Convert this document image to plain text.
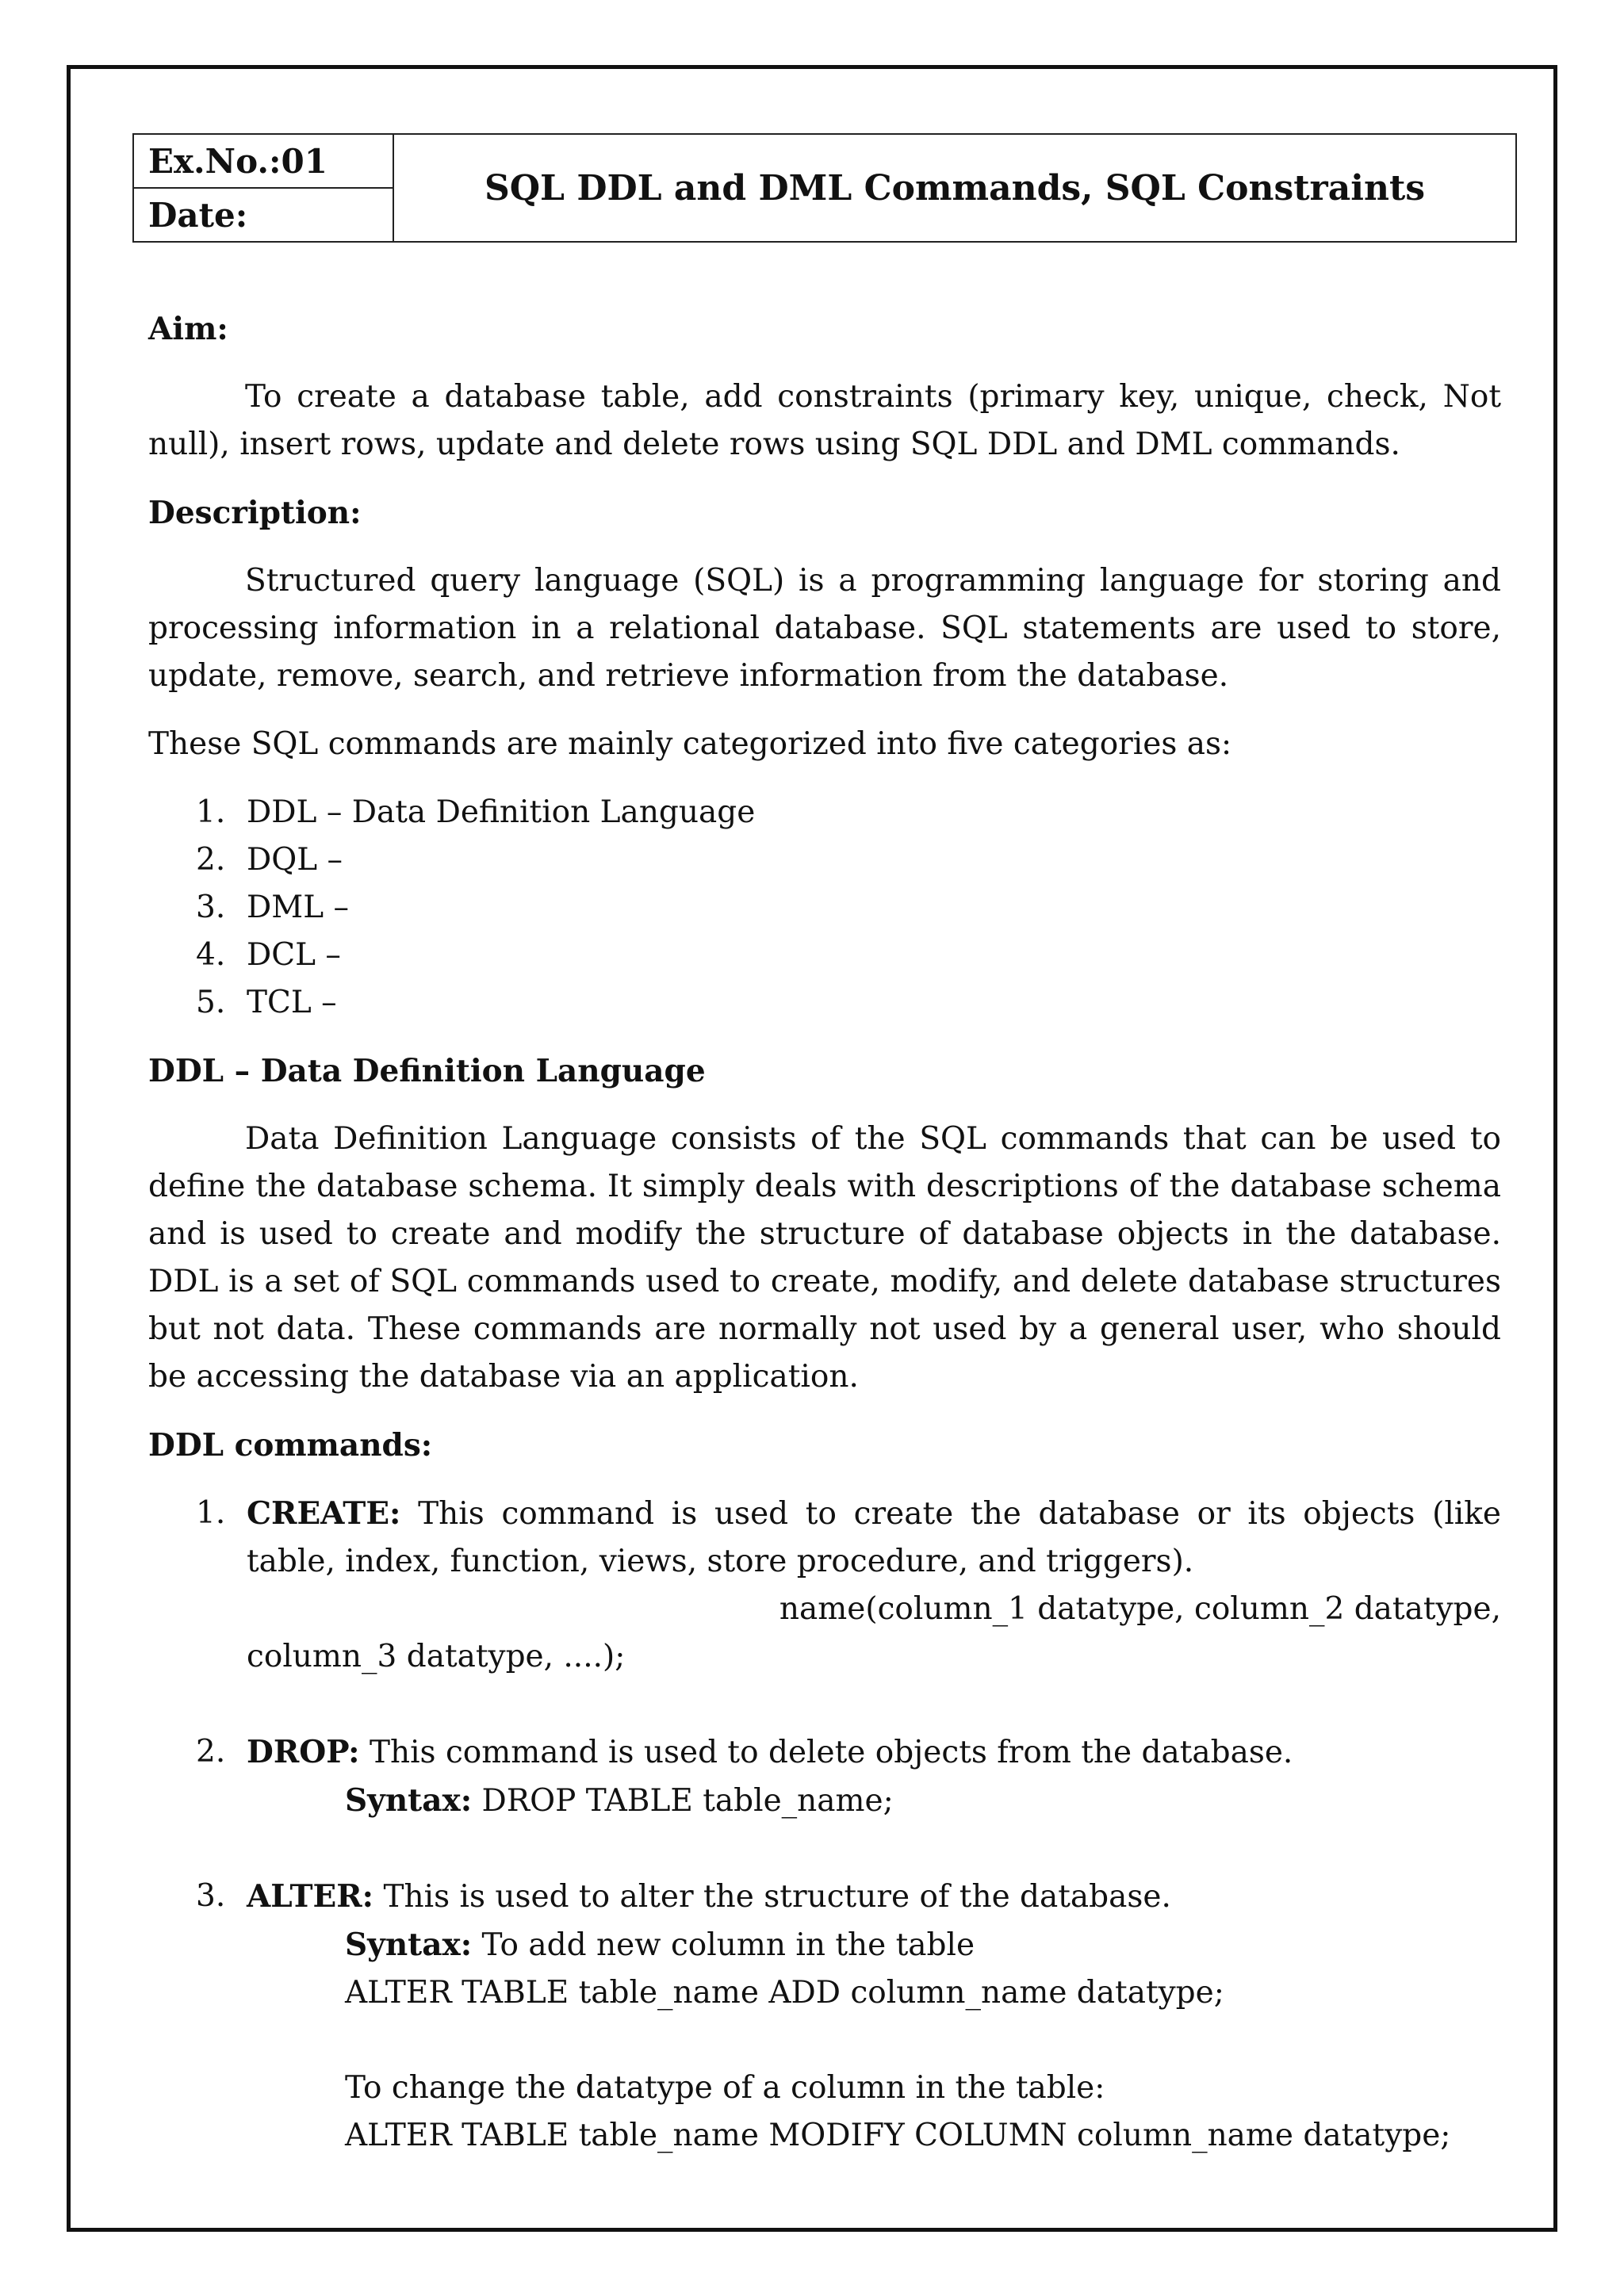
Ex.No.:01
Date:
SQL DDL and DML Commands, SQL Constraints

Aim:

To create a database table, add constraints (primary key, unique, check, Not null), insert rows, update and delete rows using SQL DDL and DML commands.

Description:

Structured query language (SQL) is a programming language for storing and processing information in a relational database. SQL statements are used to store, update, remove, search, and retrieve information from the database.

These SQL commands are mainly categorized into five categories as:

1. DDL – Data Definition Language
2. DQL –
3. DML –
4. DCL –
5. TCL –

DDL – Data Definition Language

Data Definition Language consists of the SQL commands that can be used to define the database schema. It simply deals with descriptions of the database schema and is used to create and modify the structure of database objects in the database. DDL is a set of SQL commands used to create, modify, and delete database structures but not data. These commands are normally not used by a general user, who should be accessing the database via an application.

DDL commands:

1. CREATE: This command is used to create the database or its objects (like table, index, function, views, store procedure, and triggers).
name(column_1 datatype, column_2 datatype,
column_3 datatype, ....);
2. DROP: This command is used to delete objects from the database.
Syntax: DROP TABLE table_name;
3. ALTER: This is used to alter the structure of the database.
Syntax: To add new column in the table
ALTER TABLE table_name ADD column_name datatype;
To change the datatype of a column in the table:
ALTER TABLE table_name MODIFY COLUMN column_name datatype;
